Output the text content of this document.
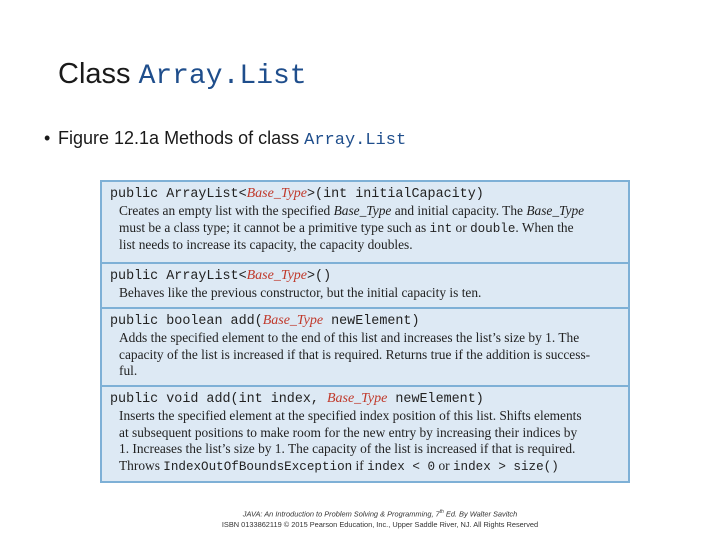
Class Array.List
• Figure 12.1a Methods of class Array.List
public ArrayList<Base_Type>(int initialCapacity)
Creates an empty list with the specified Base_Type and initial capacity. The Base_Type
must be a class type; it cannot be a primitive type such as int or double. When the
list needs to increase its capacity, the capacity doubles.
public ArrayList<Base_Type>()
Behaves like the previous constructor, but the initial capacity is ten.
public boolean add(Base_Type newElement)
Adds the specified element to the end of this list and increases the list’s size by 1. The
capacity of the list is increased if that is required. Returns true if the addition is success-
ful.
public void add(int index, Base_Type newElement)
Inserts the specified element at the specified index position of this list. Shifts elements
at subsequent positions to make room for the new entry by increasing their indices by
1. Increases the list’s size by 1. The capacity of the list is increased if that is required.
Throws IndexOutOfBoundsException if index < 0 or index > size()
JAVA: An Introduction to Problem Solving & Programming, 7th Ed. By Walter Savitch
ISBN 0133862119 © 2015 Pearson Education, Inc., Upper Saddle River, NJ. All Rights Reserved
